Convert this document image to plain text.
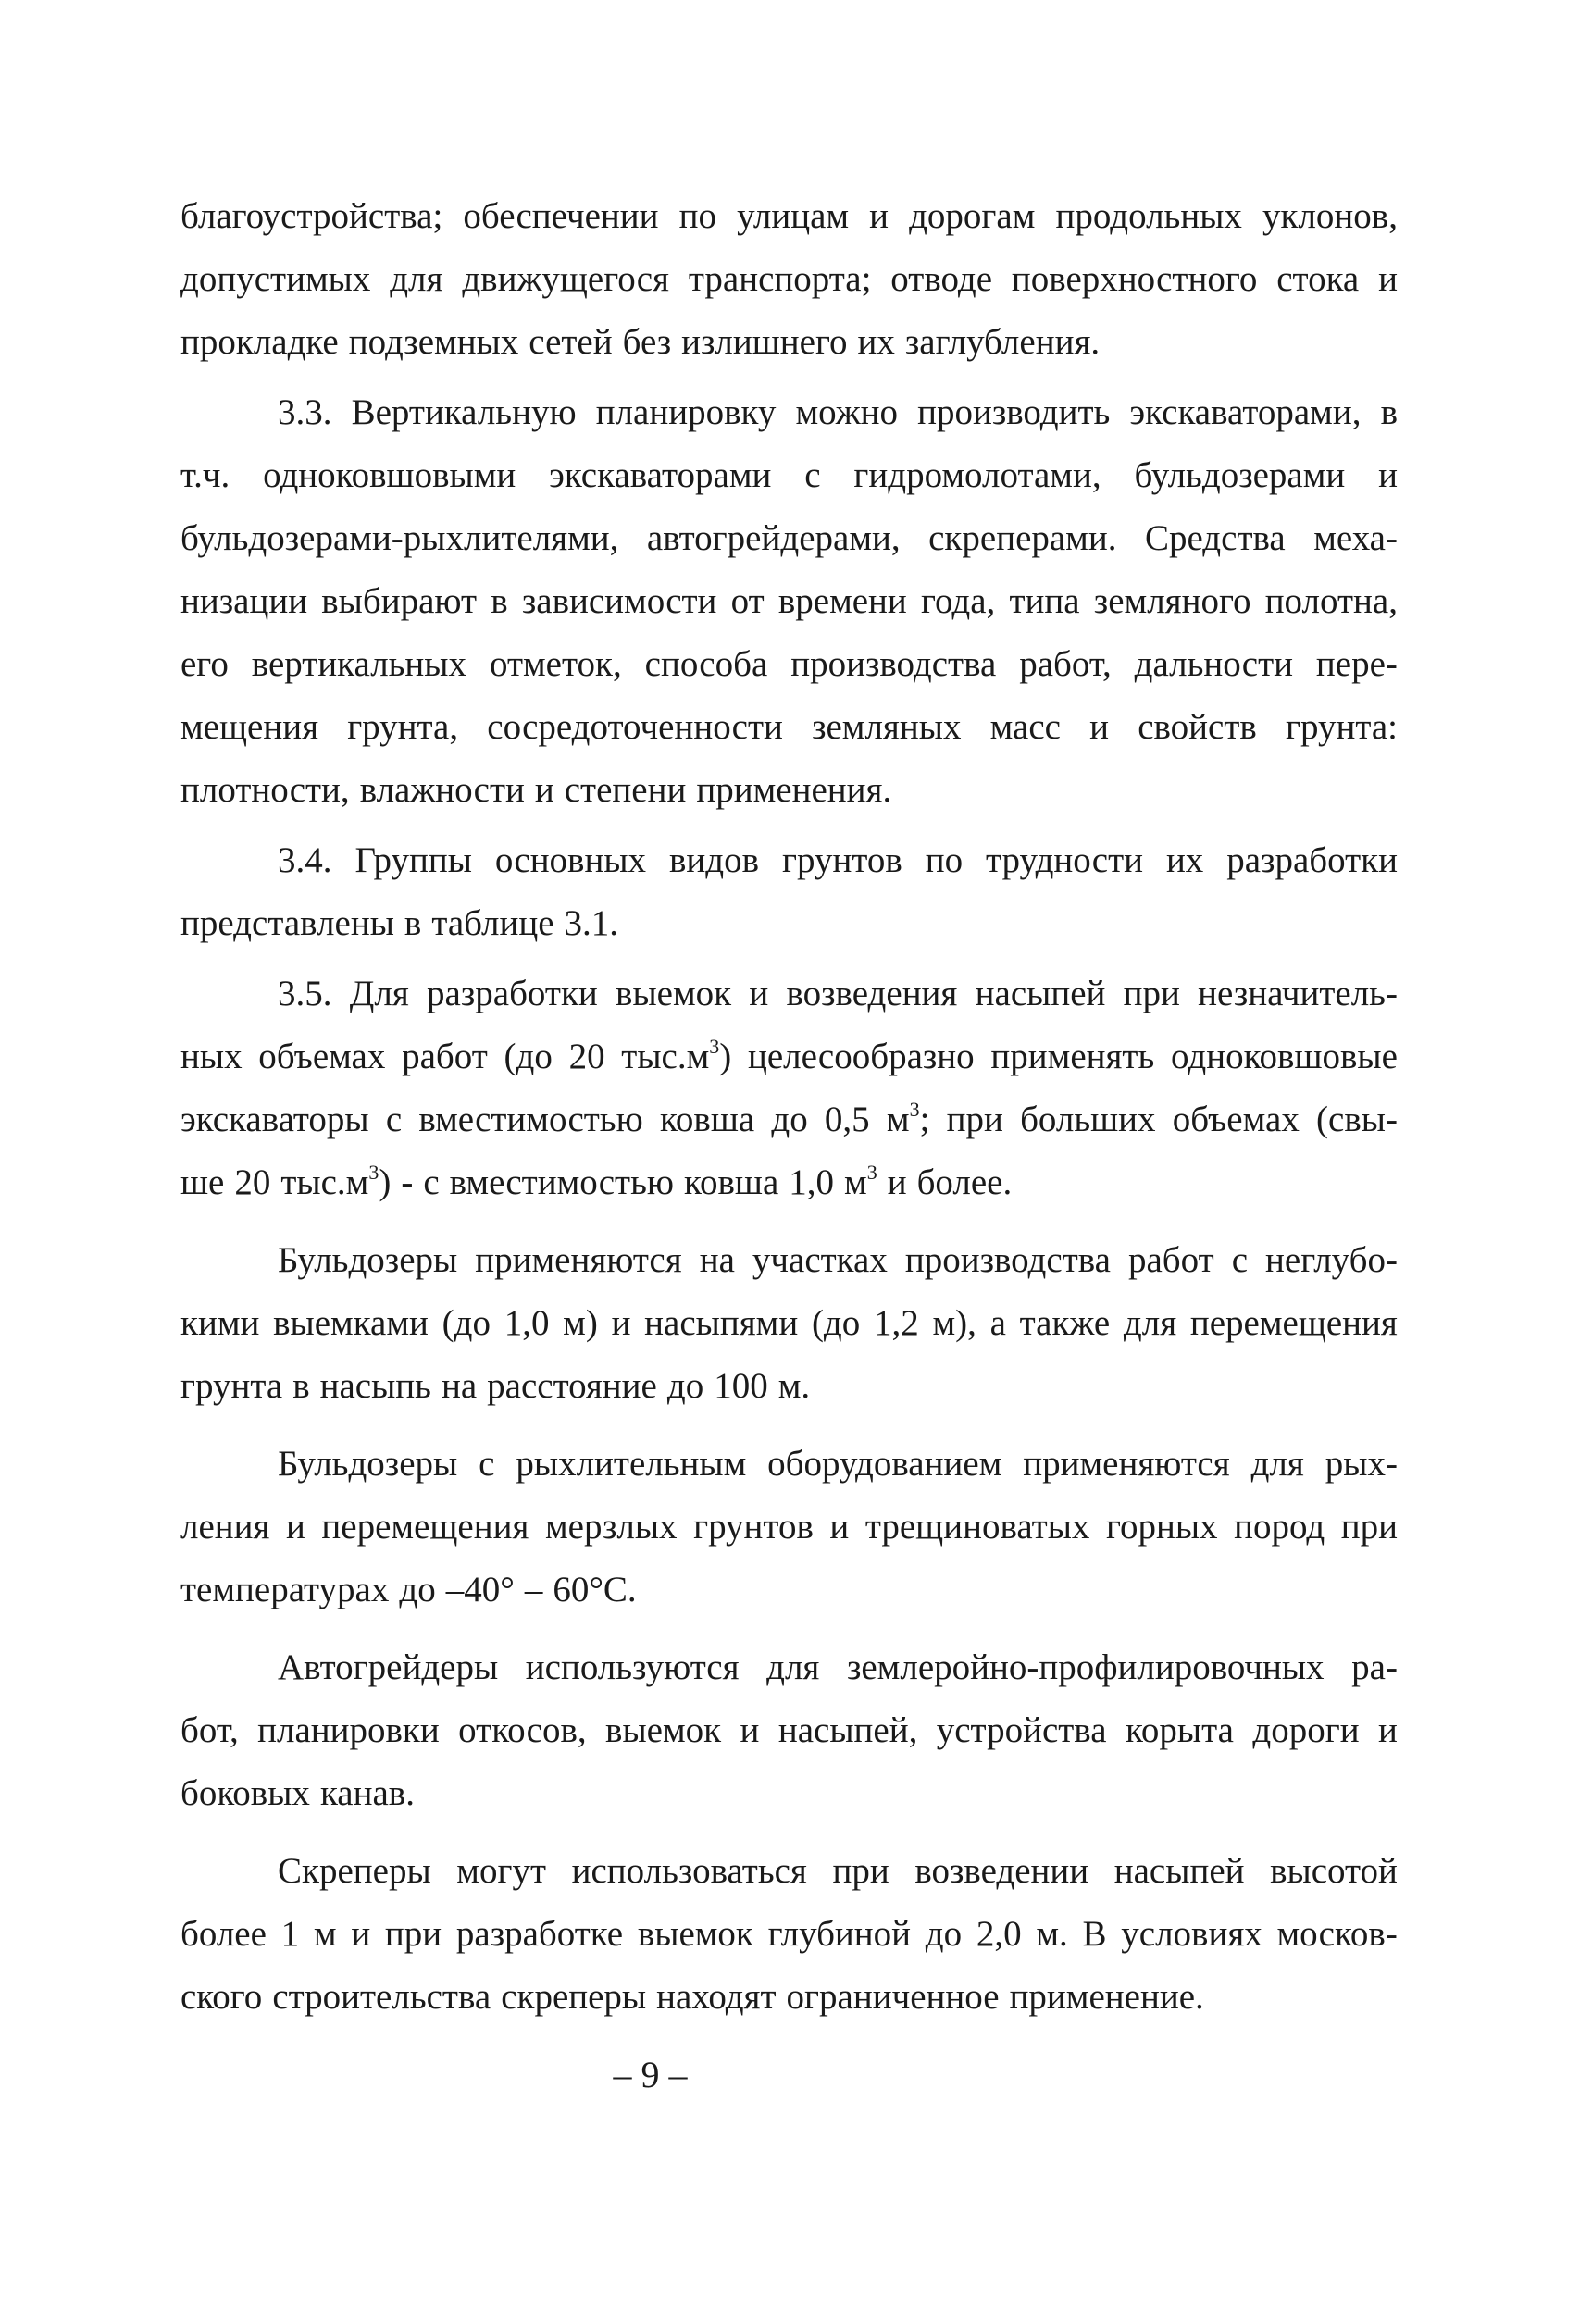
благоустройства; обеспечении по улицам и дорогам продольных уклонов,
допустимых для движущегося транспорта; отводе поверхностного стока и
прокладке подземных сетей без излишнего их заглубления.
3.3. Вертикальную планировку можно производить экскаваторами, в
т.ч. одноковшовыми экскаваторами с гидромолотами, бульдозерами и
бульдозерами-рыхлителями, автогрейдерами, скреперами. Средства меха-
низации выбирают в зависимости от времени года, типа земляного полотна,
его вертикальных отметок, способа производства работ, дальности пере-
мещения грунта, сосредоточенности земляных масс и свойств грунта:
плотности, влажности и степени применения.
3.4. Группы основных видов грунтов по трудности их разработки
представлены в таблице 3.1.
3.5. Для разработки выемок и возведения насыпей при незначитель-
ных объемах работ (до 20 $тыс.м^3$) целесообразно применять одноковшовые
экскаваторы с вместимостью ковша до 0,5 $м^3$; при больших объемах (свы-
ше 20 $тыс.м^3$) - с вместимостью ковша 1,0 $м^3$ и более.
Бульдозеры применяются на участках производства работ с неглубо-
кими выемками (до 1,0 м) и насыпями (до 1,2 м), а также для перемещения
грунта в насыпь на расстояние до 100 м.
Бульдозеры с рыхлительным оборудованием применяются для рых-
ления и перемещения мерзлых грунтов и трещиноватых горных пород при
температурах до –40° – 60°С.
Автогрейдеры используются для землеройно-профилировочных ра-
бот, планировки откосов, выемок и насыпей, устройства корыта дороги и
боковых канав.
Скреперы могут использоваться при возведении насыпей высотой
более 1 м и при разработке выемок глубиной до 2,0 м. В условиях москов-
ского строительства скреперы находят ограниченное применение.
– 9 –
